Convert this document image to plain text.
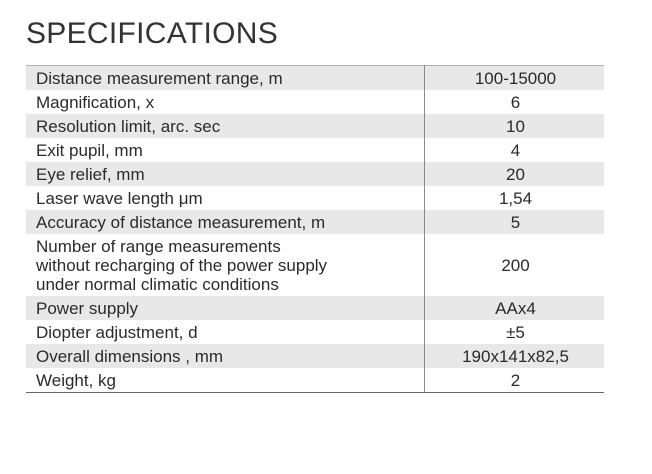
SPECIFICATIONS
Distance measurement range, m	100-15000
Magnification, x	6
Resolution limit, arc. sec	10
Exit pupil, mm	4
Eye relief, mm	20
Laser wave length μm	1,54
Accuracy of distance measurement, m	5
Number of range measurements
without recharging of the power supply
under normal climatic conditions	200
Power supply	AAx4
Diopter adjustment, d	±5
Overall dimensions , mm	190x141x82,5
Weight, kg	2
